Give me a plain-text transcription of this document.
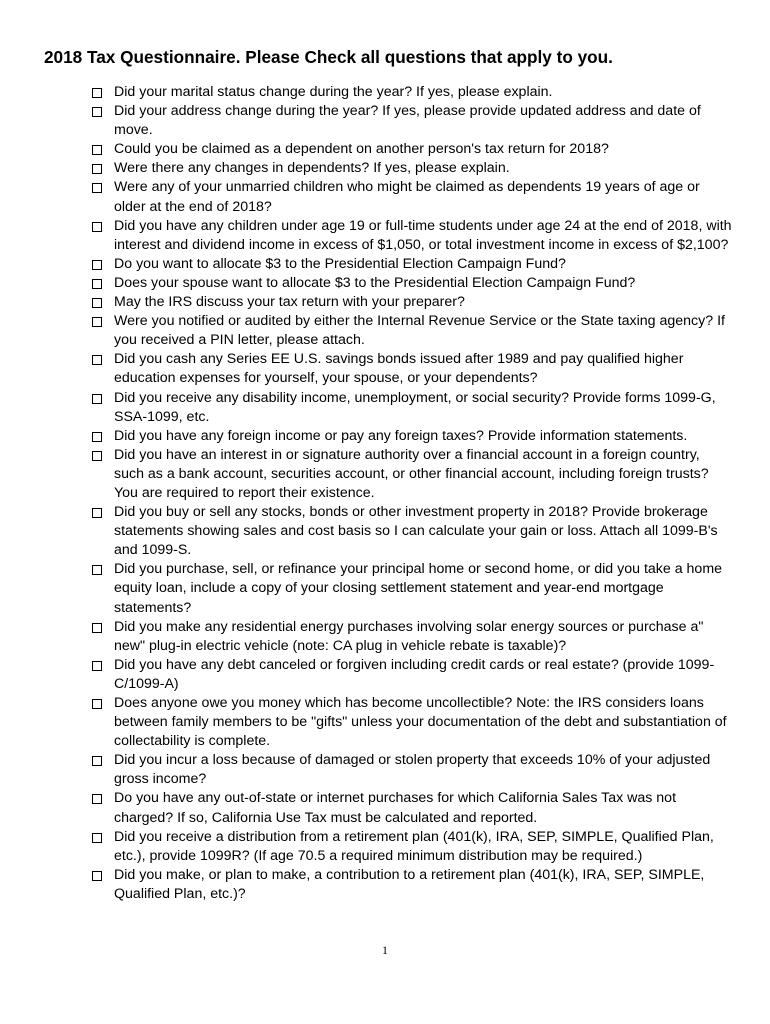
2018 Tax Questionnaire. Please Check all questions that apply to you.
Did your marital status change during the year? If yes, please explain.
Did your address change during the year? If yes, please provide updated address and date of move.
Could you be claimed as a dependent on another person's tax return for 2018?
Were there any changes in dependents? If yes, please explain.
Were any of your unmarried children who might be claimed as dependents 19 years of age or older at the end of 2018?
Did you have any children under age 19 or full-time students under age 24 at the end of 2018, with interest and dividend income in excess of $1,050, or total investment income in excess of $2,100?
Do you want to allocate $3 to the Presidential Election Campaign Fund?
Does your spouse want to allocate $3 to the Presidential Election Campaign Fund?
May the IRS discuss your tax return with your preparer?
Were you notified or audited by either the Internal Revenue Service or the State taxing agency? If you received a PIN letter, please attach.
Did you cash any Series EE U.S. savings bonds issued after 1989 and pay qualified higher education expenses for yourself, your spouse, or your dependents?
Did you receive any disability income, unemployment, or social security? Provide forms 1099-G, SSA-1099, etc.
Did you have any foreign income or pay any foreign taxes? Provide information statements.
Did you have an interest in or signature authority over a financial account in a foreign country, such as a bank account, securities account, or other financial account, including foreign trusts? You are required to report their existence.
Did you buy or sell any stocks, bonds or other investment property in 2018? Provide brokerage statements showing sales and cost basis so I can calculate your gain or loss. Attach all 1099-B's and 1099-S.
Did you purchase, sell, or refinance your principal home or second home, or did you take a home equity loan, include a copy of your closing settlement statement and year-end mortgage statements?
Did you make any residential energy purchases involving solar energy sources or purchase a" new" plug-in electric vehicle (note: CA plug in vehicle rebate is taxable)?
Did you have any debt canceled or forgiven including credit cards or real estate? (provide 1099-C/1099-A)
Does anyone owe you money which has become uncollectible? Note: the IRS considers loans between family members to be "gifts" unless your documentation of the debt and substantiation of collectability is complete.
Did you incur a loss because of damaged or stolen property that exceeds 10% of your adjusted gross income?
Do you have any out-of-state or internet purchases for which California Sales Tax was not charged? If so, California Use Tax must be calculated and reported.
Did you receive a distribution from a retirement plan (401(k), IRA, SEP, SIMPLE, Qualified Plan, etc.), provide 1099R? (If age 70.5 a required minimum distribution may be required.)
Did you make, or plan to make, a contribution to a retirement plan (401(k), IRA, SEP, SIMPLE, Qualified Plan, etc.)?
1
